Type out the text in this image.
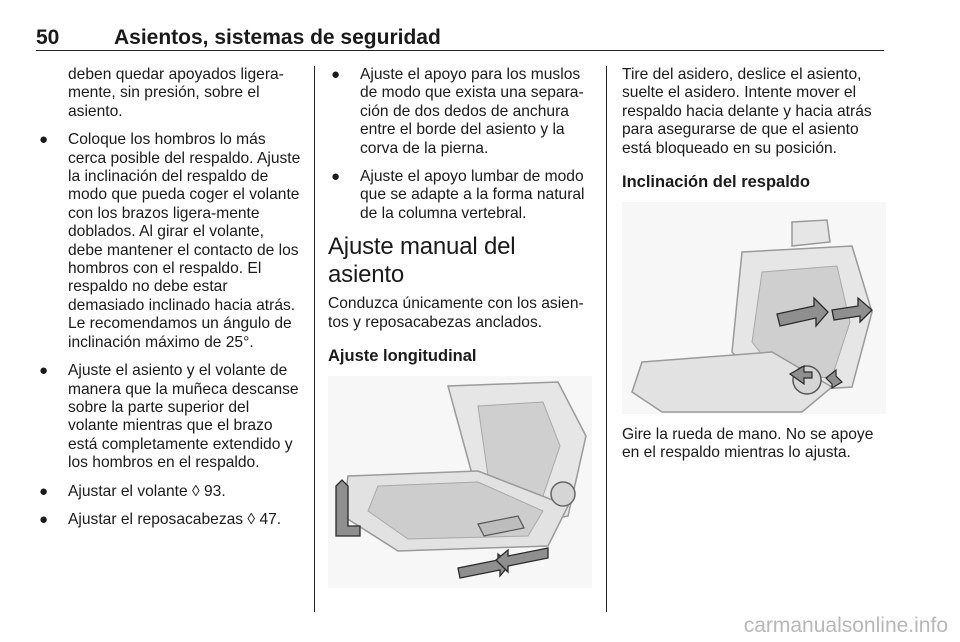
50	Asientos, sistemas de seguridad

deben quedar apoyados ligera-mente, sin presión, sobre el asiento.

● Coloque los hombros lo más cerca posible del respaldo. Ajuste la inclinación del respaldo de modo que pueda coger el volante con los brazos ligera-mente doblados. Al girar el volante, debe mantener el contacto de los hombros con el respaldo. El respaldo no debe estar demasiado inclinado hacia atrás. Le recomendamos un ángulo de inclinación máximo de 25°.
● Ajuste el asiento y el volante de manera que la muñeca descanse sobre la parte superior del volante mientras que el brazo está completamente extendido y los hombros en el respaldo.
● Ajustar el volante ◊ 93.
● Ajustar el reposacabezas ◊ 47.
● Ajuste el apoyo para los muslos de modo que exista una separa-ción de dos dedos de anchura entre el borde del asiento y la corva de la pierna.
● Ajuste el apoyo lumbar de modo que se adapte a la forma natural de la columna vertebral.
Ajuste manual del asiento

Conduzca únicamente con los asien-tos y reposacabezas anclados.

Ajuste longitudinal

Tire del asidero, deslice el asiento, suelte el asidero. Intente mover el respaldo hacia delante y hacia atrás para asegurarse de que el asiento está bloqueado en su posición.

Inclinación del respaldo

Gire la rueda de mano. No se apoye en el respaldo mientras lo ajusta.

carmanualsonline.info
